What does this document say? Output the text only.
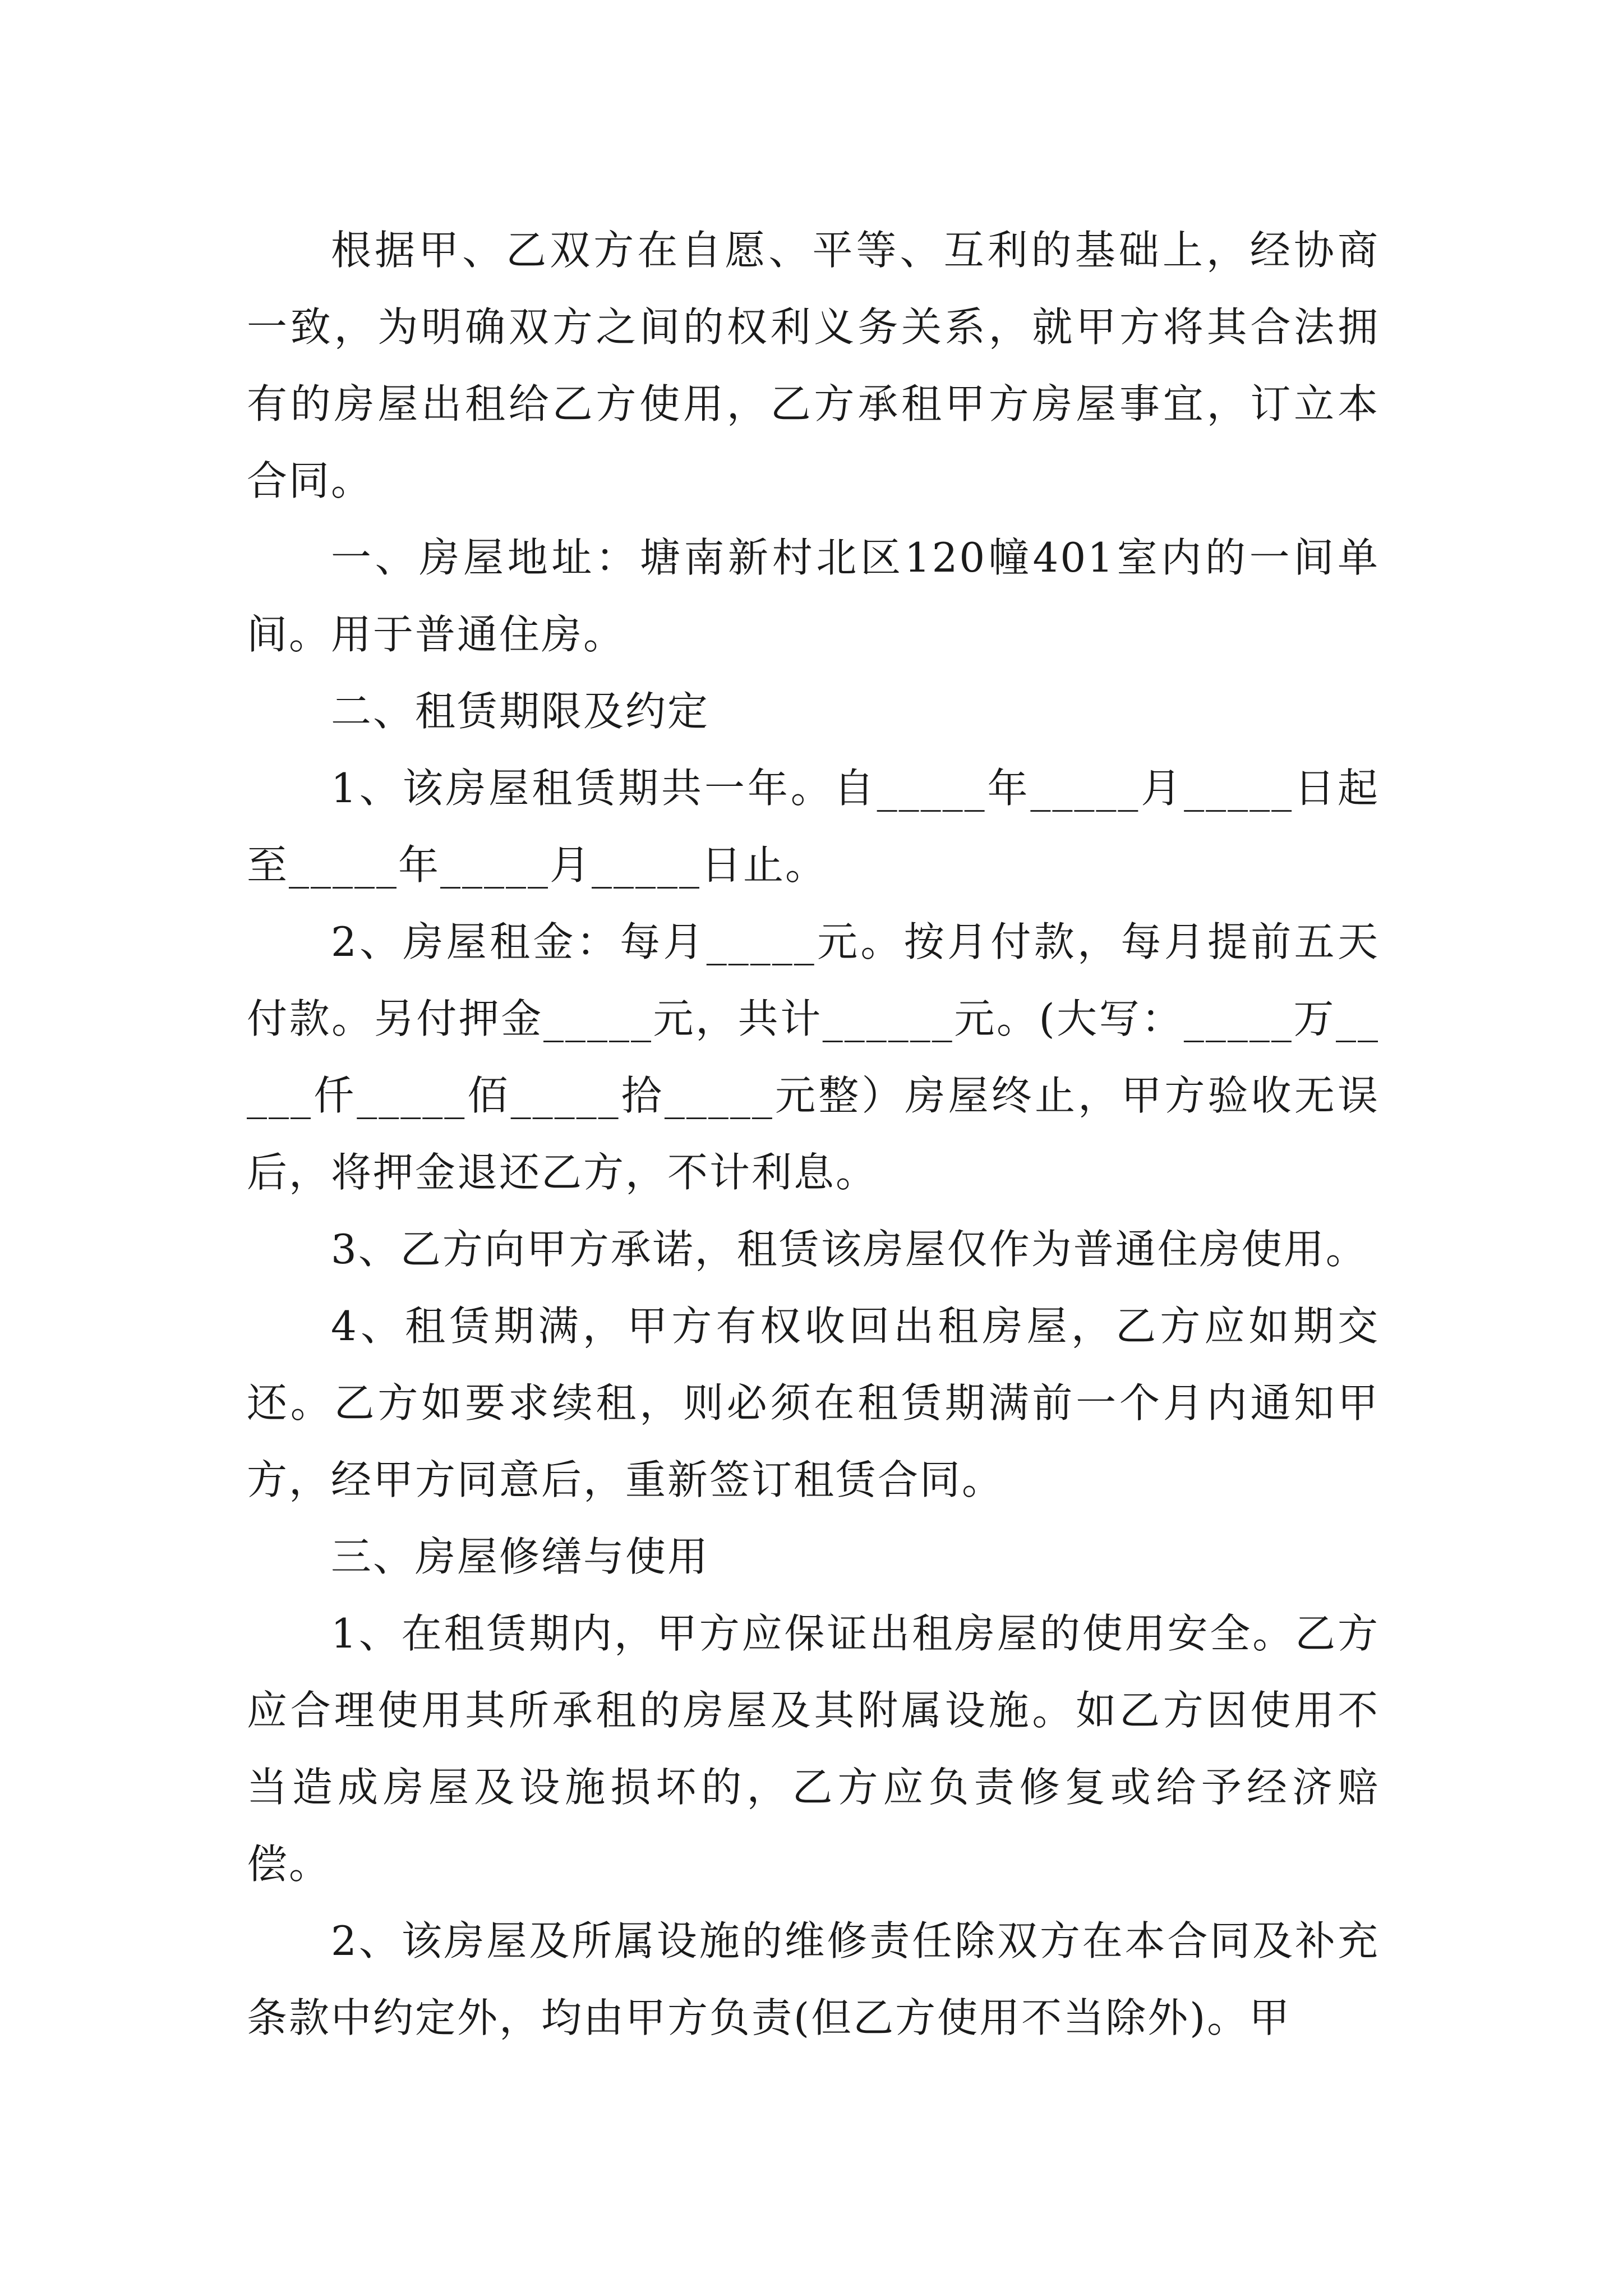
根据甲、乙双方在自愿、平等、互利的基础上，经协商一致，为明确双方之间的权利义务关系，就甲方将其合法拥有的房屋出租给乙方使用，乙方承租甲方房屋事宜，订立本合同。

一、房屋地址：塘南新村北区120幢401室内的一间单间。用于普通住房。

二、租赁期限及约定

1、该房屋租赁期共一年。自_____年_____月_____日起至_____年_____月_____日止。

2、房屋租金：每月_____元。按月付款，每月提前五天付款。另付押金_____元，共计______元。(大写：_____万_____仟_____佰_____拾_____元整）房屋终止，甲方验收无误后，将押金退还乙方，不计利息。

3、乙方向甲方承诺，租赁该房屋仅作为普通住房使用。

4、租赁期满，甲方有权收回出租房屋，乙方应如期交还。乙方如要求续租，则必须在租赁期满前一个月内通知甲方，经甲方同意后，重新签订租赁合同。

三、房屋修缮与使用

1、在租赁期内，甲方应保证出租房屋的使用安全。乙方应合理使用其所承租的房屋及其附属设施。如乙方因使用不当造成房屋及设施损坏的，乙方应负责修复或给予经济赔偿。

2、该房屋及所属设施的维修责任除双方在本合同及补充条款中约定外，均由甲方负责(但乙方使用不当除外)。甲
